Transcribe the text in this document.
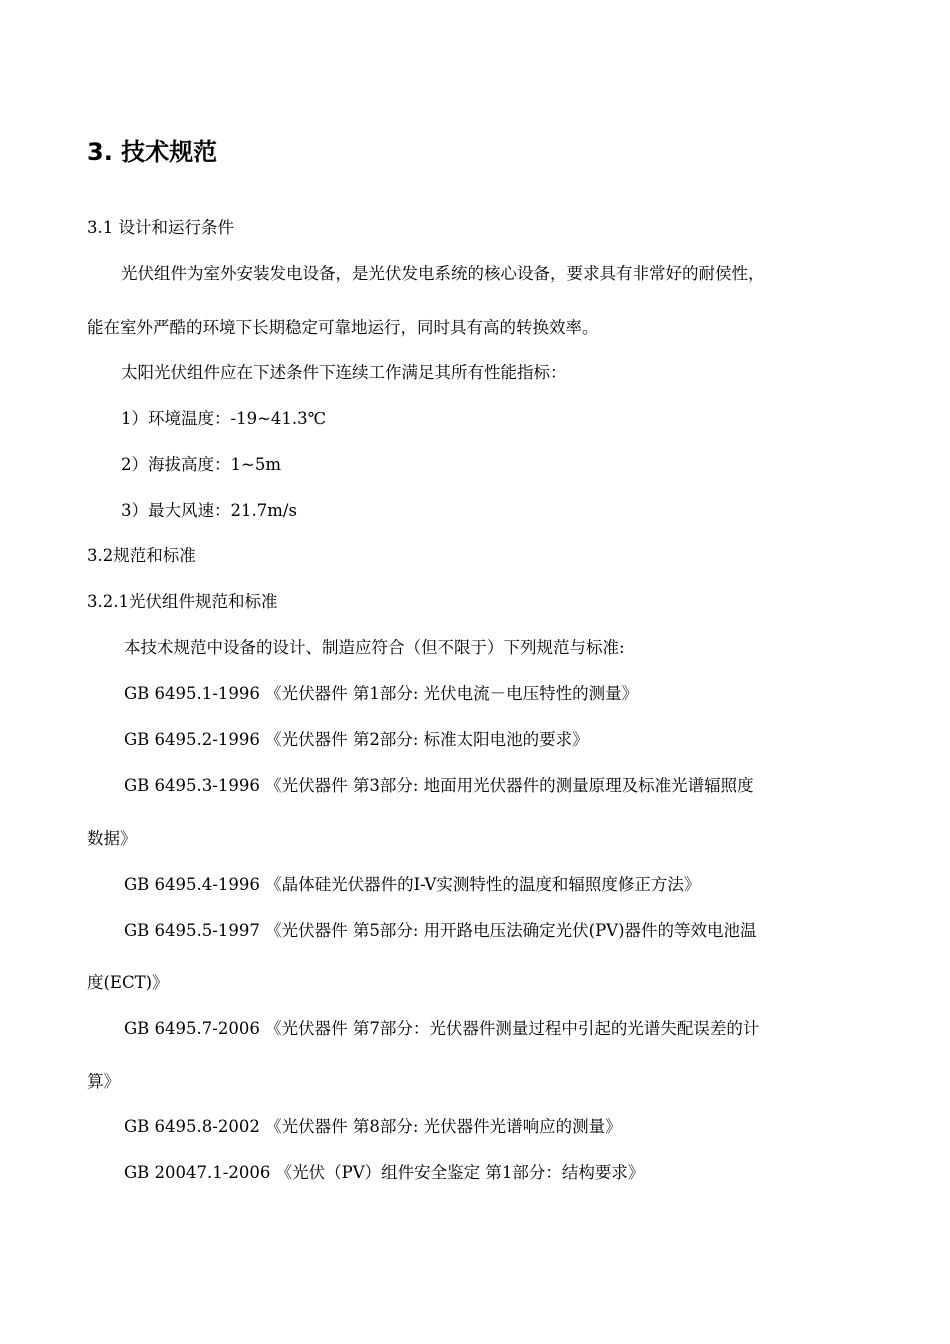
3. 技术规范
3.1 设计和运行条件
光伏组件为室外安装发电设备，是光伏发电系统的核心设备，要求具有非常好的耐侯性，
能在室外严酷的环境下长期稳定可靠地运行，同时具有高的转换效率。
太阳光伏组件应在下述条件下连续工作满足其所有性能指标：
1）环境温度：-19~41.3℃
2）海拔高度：1~5m
3）最大风速：21.7m/s
3.2规范和标准
3.2.1光伏组件规范和标准
本技术规范中设备的设计、制造应符合（但不限于）下列规范与标准:
GB 6495.1-1996 《光伏器件 第1部分: 光伏电流－电压特性的测量》
GB 6495.2-1996 《光伏器件 第2部分: 标准太阳电池的要求》
GB 6495.3-1996 《光伏器件 第3部分: 地面用光伏器件的测量原理及标准光谱辐照度
数据》
GB 6495.4-1996 《晶体硅光伏器件的I-V实测特性的温度和辐照度修正方法》
GB 6495.5-1997 《光伏器件 第5部分: 用开路电压法确定光伏(PV)器件的等效电池温
度(ECT)》
GB 6495.7-2006 《光伏器件 第7部分：光伏器件测量过程中引起的光谱失配误差的计
算》
GB 6495.8-2002 《光伏器件 第8部分: 光伏器件光谱响应的测量》
GB 20047.1-2006 《光伏（PV）组件安全鉴定 第1部分：结构要求》
